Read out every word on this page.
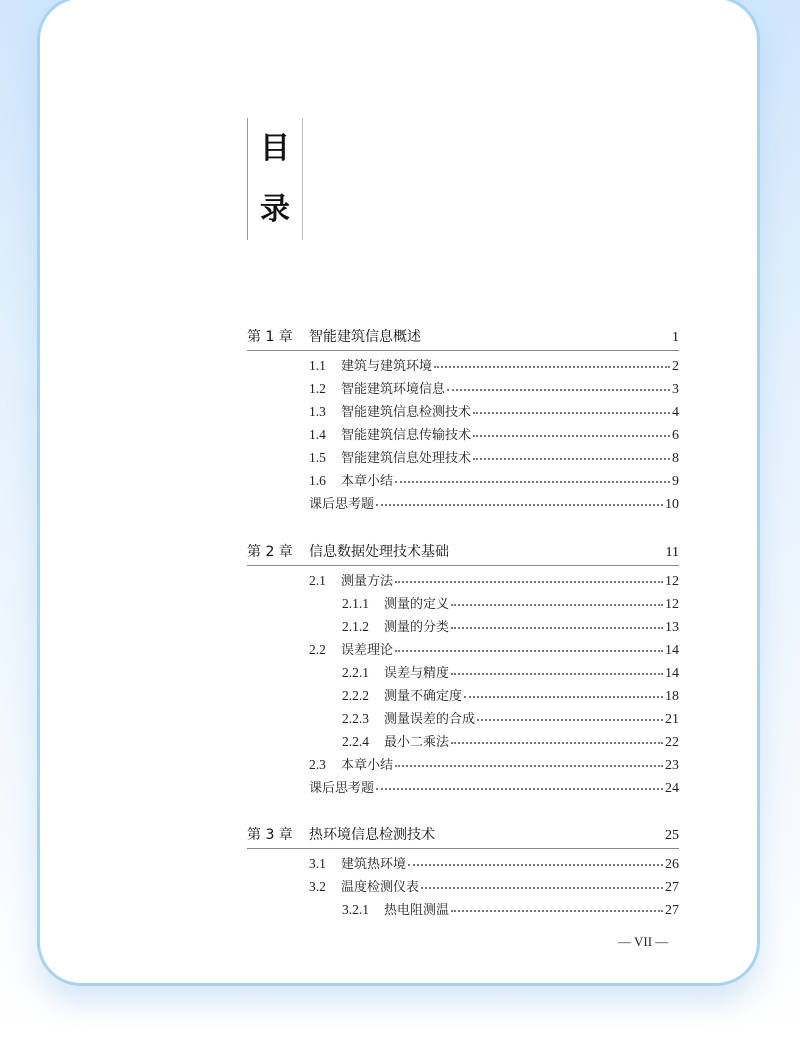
目
录
第 1 章	智能建筑信息概述	1
1.1	建筑与建筑环境	2
1.2	智能建筑环境信息	3
1.3	智能建筑信息检测技术	4
1.4	智能建筑信息传输技术	6
1.5	智能建筑信息处理技术	8
1.6	本章小结	9
课后思考题	10
第 2 章	信息数据处理技术基础	11
2.1	测量方法	12
2.1.1	测量的定义	12
2.1.2	测量的分类	13
2.2	误差理论	14
2.2.1	误差与精度	14
2.2.2	测量不确定度	18
2.2.3	测量误差的合成	21
2.2.4	最小二乘法	22
2.3	本章小结	23
课后思考题	24
第 3 章	热环境信息检测技术	25
3.1	建筑热环境	26
3.2	温度检测仪表	27
3.2.1	热电阻测温	27
— VII —
